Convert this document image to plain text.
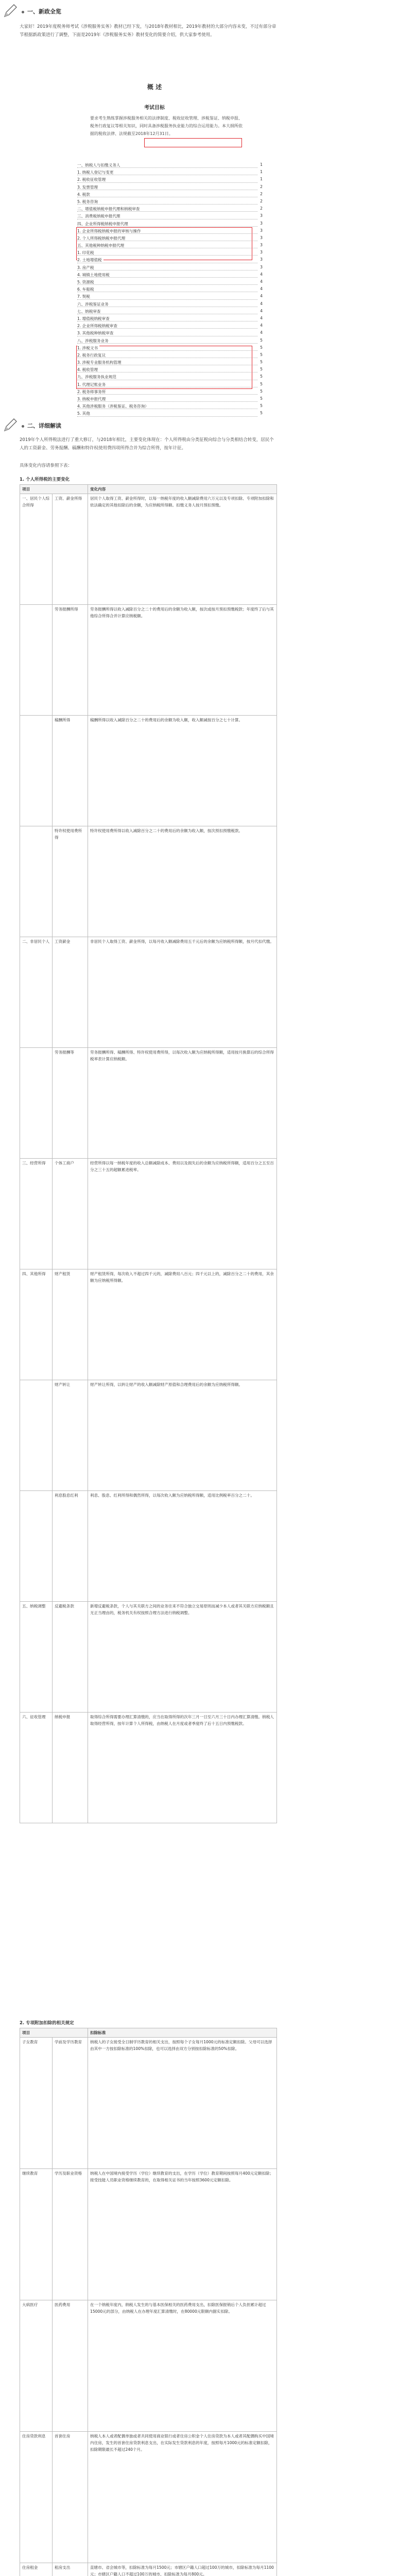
一、新政全览
大家好！2019年度税务师考试《涉税服务实务》教材已经下发，与2018年教材相比，2019年教材的大部分内容未变，不过有部分章节根据新政策进行了调整，下面是2019年《涉税服务实务》教材变化的简要介绍，供大家参考使用。
概 述
考试目标
要求考生熟练掌握涉税服务相关的法律制度、税收征收管理、涉税鉴证、纳税申报、税务行政复议等相关知识，同时具备涉税服务执业能力的综合运用能力。本大纲所依据的税收法律、法规截至2018年12月31日。
一、纳税人与扣缴义务人	1
1. 纳税人登记与变更	1
2. 税收征收管理	1
3. 发票管理	2
4. 税款	2
5. 税务咨询	2
二、增值税纳税申报代理和纳税审查	2
三、消费税纳税申报代理	3
四、企业所得税纳税申报代理	3
1. 企业所得税纳税申报的审核与操作	3
2. 个人所得税纳税申报代理	3
五、其他税种纳税申报代理	3
1. 印花税	3
2. 土地增值税	3
3. 房产税	3
4. 城镇土地使用税	4
5. 资源税	4
6. 车船税	4
7. 契税	4
六、涉税鉴证业务	4
七、纳税审查	4
1. 增值税纳税审查	4
2. 企业所得税纳税审查	4
3. 其他税种纳税审查	4
八、涉税服务业务	5
1. 涉税文书	5
2. 税务行政复议	5
3. 涉税专业服务机构管理	5
4. 税收管理	5
九、涉税服务执业规范	5
1. 代理记账业务	5
2. 税务师事务所	5
3. 纳税申报代理	5
4. 其他涉税服务（涉税鉴证、税务咨询）	5
5. 其他	5
二、详细解读
2019年个人所得税法进行了重大修订，与2018年相比，主要变化体现在：个人所得税由分类征税向综合与分类相结合转变，居民个人的工资薪金、劳务报酬、稿酬和特许权使用费四项所得合并为综合所得，按年计征。
具体变化内容请参照下表：
1. 个人所得税的主要变化
项目		变化内容
一、居民个人综合所得	工资、薪金所得	居民个人取得工资、薪金所得时，以每一纳税年度的收入额减除费用六万元以及专项扣除、专项附加扣除和依法确定的其他扣除后的余额，为应纳税所得额。扣缴义务人按月预扣预缴。
	劳务报酬所得	劳务报酬所得以收入减除百分之二十的费用后的余额为收入额，按次或按月预扣预缴税款；年度终了后与其他综合所得合并计算应纳税额。
	稿酬所得	稿酬所得以收入减除百分之二十的费用后的余额为收入额，收入额减按百分之七十计算。
	特许权使用费所得	特许权使用费所得以收入减除百分之二十的费用后的余额为收入额，按次预扣预缴税款。
二、非居民个人	工资薪金	非居民个人取得工资、薪金所得，以每月收入额减除费用五千元后的余额为应纳税所得额，按月代扣代缴。
	劳务报酬等	劳务报酬所得、稿酬所得、特许权使用费所得，以每次收入额为应纳税所得额，适用按月换算后的综合所得税率表计算应纳税额。
三、经营所得	个体工商户	经营所得以每一纳税年度的收入总额减除成本、费用以及损失后的余额为应纳税所得额，适用百分之五至百分之三十五的超额累进税率。
四、其他所得	财产租赁	财产租赁所得，每次收入不超过四千元的，减除费用八百元；四千元以上的，减除百分之二十的费用，其余额为应纳税所得额。
	财产转让	财产转让所得，以转让财产的收入额减除财产原值和合理费用后的余额为应纳税所得额。
	利息股息红利	利息、股息、红利所得和偶然所得，以每次收入额为应纳税所得额，适用比例税率百分之二十。
五、纳税调整	反避税条款	新增反避税条款，个人与其关联方之间的业务往来不符合独立交易原则而减少本人或者其关联方应纳税额且无正当理由的，税务机关有权按照合理方法进行纳税调整。
六、征收管理	纳税申报	取得综合所得需要办理汇算清缴的，应当在取得所得的次年三月一日至六月三十日内办理汇算清缴。纳税人取得经营所得，按年计算个人所得税，由纳税人在月度或者季度终了后十五日内预缴税款。
2. 专项附加扣除的相关规定
项目		扣除标准
子女教育	学前及学历教育	纳税人的子女接受全日制学历教育的相关支出，按照每个子女每月1000元的标准定额扣除。父母可以选择由其中一方按扣除标准的100%扣除，也可以选择由双方分别按扣除标准的50%扣除。
继续教育	学历及职业资格	纳税人在中国境内接受学历（学位）继续教育的支出，在学历（学位）教育期间按照每月400元定额扣除；接受技能人员职业资格继续教育的，在取得相关证书的当年按照3600元定额扣除。
大病医疗	医药费用	在一个纳税年度内，纳税人发生的与基本医保相关的医药费用支出，扣除医保报销后个人负担累计超过15000元的部分，由纳税人在办理年度汇算清缴时，在80000元限额内据实扣除。
住房贷款利息	首套住房	纳税人本人或者配偶单独或者共同使用商业银行或者住房公积金个人住房贷款为本人或者其配偶购买中国境内住房，发生的首套住房贷款利息支出，在实际发生贷款利息的年度，按照每月1000元的标准定额扣除，扣除期限最长不超过240个月。
住房租金	租房支出	直辖市、省会城市等，扣除标准为每月1500元；市辖区户籍人口超过100万的城市，扣除标准为每月1100元；市辖区户籍人口不超过100万的城市，扣除标准为每月800元。
